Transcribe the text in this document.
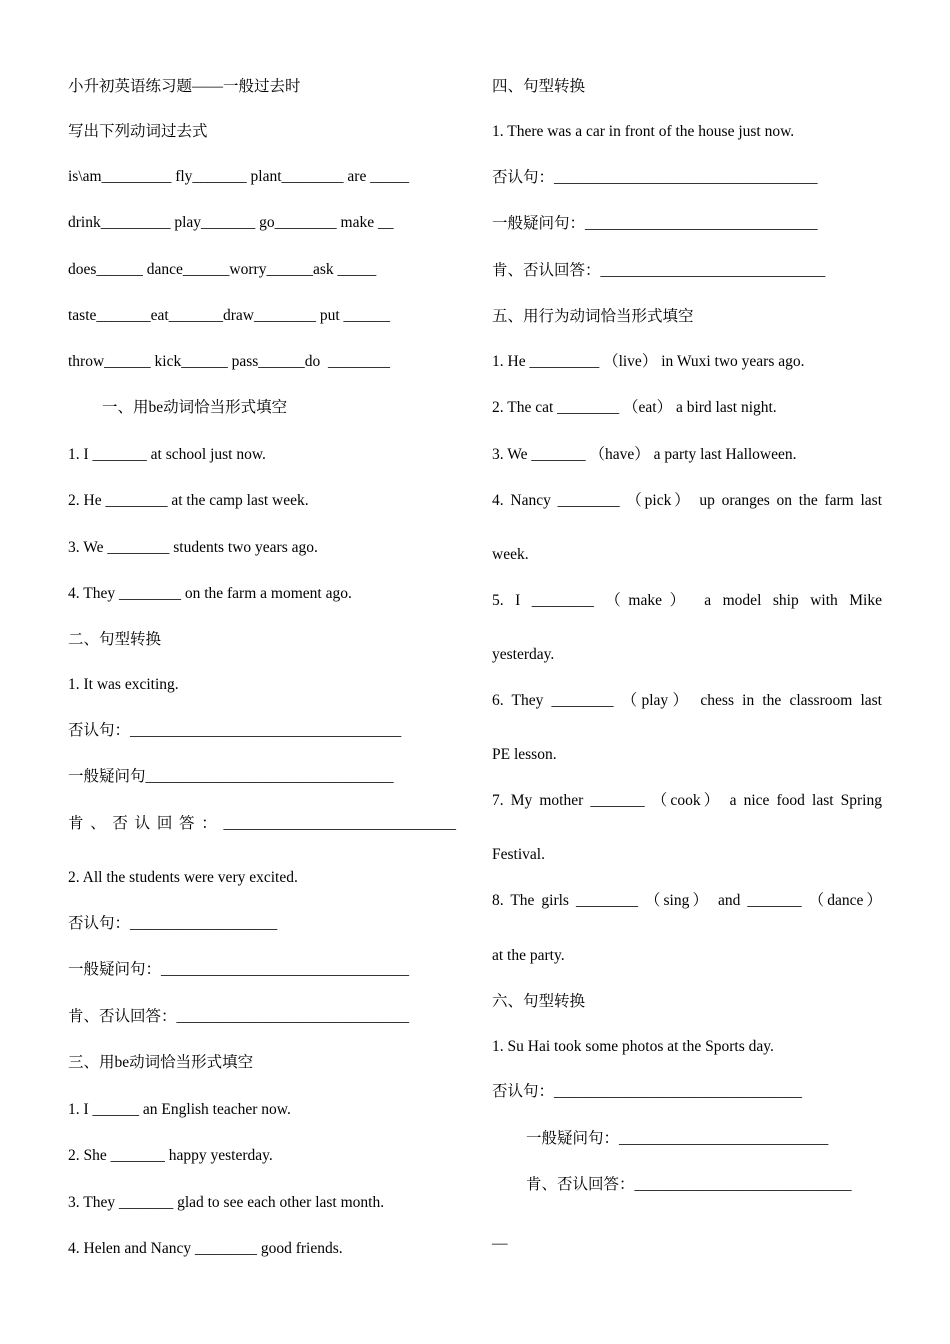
小升初英语练习题——一般过去时
写出下列动词过去式
is\am_________ fly_______ plant________ are _____
drink_________ play_______ go________ make __
does______ dance______worry______ask _____
taste_______eat_______draw________ put ______
throw______ kick______ pass______do  ________
一、用be动词恰当形式填空
1. I _______ at school just now.
2. He ________ at the camp last week.
3. We ________ students two years ago.
4. They ________ on the farm a moment ago.
二、句型转换
1. It was exciting.
否认句：___________________________________
一般疑问句________________________________
肯、否认回答：______________________________
2. All the students were very excited.
否认句：___________________
一般疑问句：________________________________
肯、否认回答：______________________________
三、用be动词恰当形式填空
1. I ______ an English teacher now.
2. She _______ happy yesterday.
3. They _______ glad to see each other last month.
4. Helen and Nancy ________ good friends.
四、句型转换
1. There was a car in front of the house just now.
否认句：__________________________________
一般疑问句：______________________________
肯、否认回答：_____________________________
五、用行为动词恰当形式填空
1. He _________ （live） in Wuxi two years ago.
2. The cat ________ （eat） a bird last night.
3. We _______ （have） a party last Halloween.
4. Nancy ________ （pick） up oranges on the farm last
week.
5. I ________ （make） a model ship with Mike
yesterday.
6. They ________ （play） chess in the classroom last
PE lesson.
7. My mother _______ （cook） a nice food last Spring
Festival.
8. The girls ________ （sing） and _______ （dance）
at the party.
六、句型转换
1. Su Hai took some photos at the Sports day.
否认句：________________________________
一般疑问句：___________________________
肯、否认回答：____________________________
—
